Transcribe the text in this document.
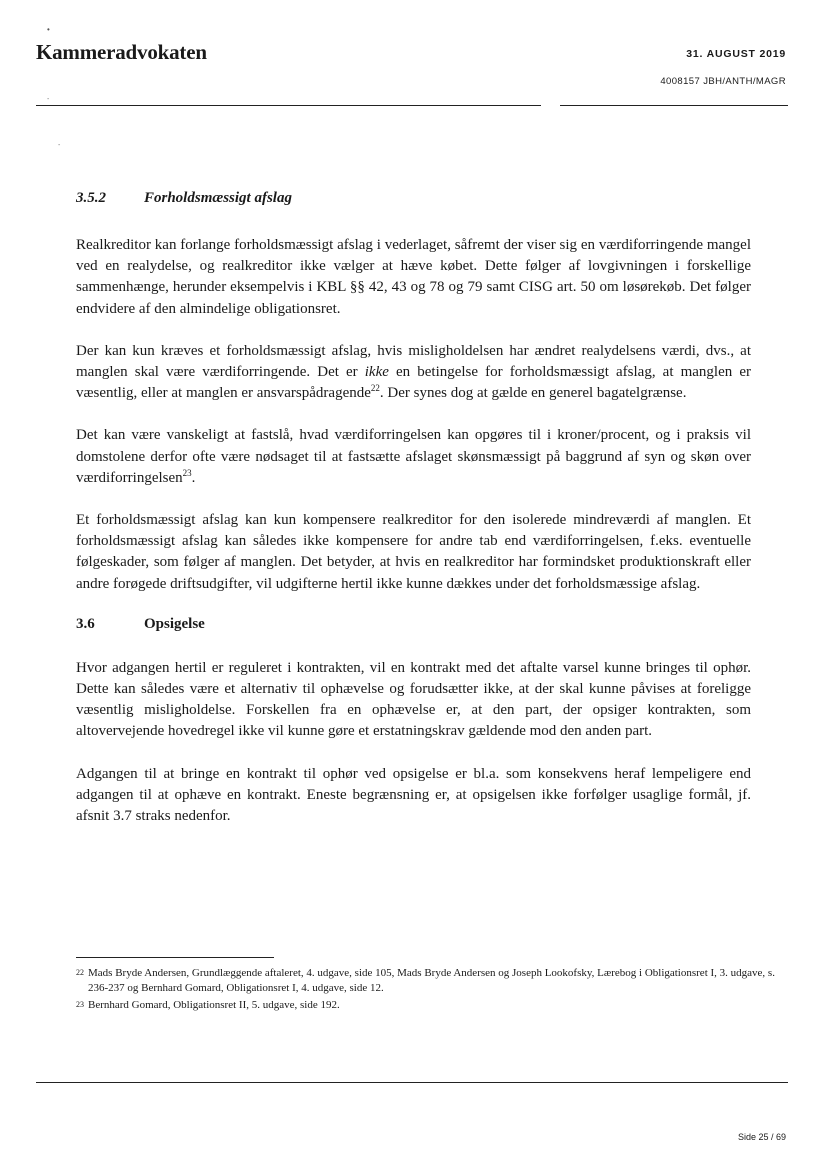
•
Kammeradvokaten	31. AUGUST 2019
4008157 JBH/ANTH/MAGR
-
-
3.5.2	Forholdsmæssigt afslag

Realkreditor kan forlange forholdsmæssigt afslag i vederlaget, såfremt der viser sig en værdiforringende mangel ved en realydelse, og realkreditor ikke vælger at hæve købet. Dette følger af lovgivningen i forskellige sammenhænge, herunder eksempelvis i KBL §§ 42, 43 og 78 og 79 samt CISG art. 50 om løsørekøb. Det følger endvidere af den almindelige obligationsret.

Der kan kun kræves et forholdsmæssigt afslag, hvis misligholdelsen har ændret realydelsens værdi, dvs., at manglen skal være værdiforringende. Det er ikke en betingelse for forholdsmæssigt afslag, at manglen er væsentlig, eller at manglen er ansvarspådragende$^{22}$. Der synes dog at gælde en generel bagatelgrænse.

Det kan være vanskeligt at fastslå, hvad værdiforringelsen kan opgøres til i kroner/procent, og i praksis vil domstolene derfor ofte være nødsaget til at fastsætte afslaget skønsmæssigt på baggrund af syn og skøn over værdiforringelsen$^{23}$.

Et forholdsmæssigt afslag kan kun kompensere realkreditor for den isolerede mindreværdi af manglen. Et forholdsmæssigt afslag kan således ikke kompensere for andre tab end værdiforringelsen, f.eks. eventuelle følgeskader, som følger af manglen. Det betyder, at hvis en realkreditor har formindsket produktionskraft eller andre forøgede driftsudgifter, vil udgifterne hertil ikke kunne dækkes under det forholdsmæssige afslag.

3.6	Opsigelse

Hvor adgangen hertil er reguleret i kontrakten, vil en kontrakt med det aftalte varsel kunne bringes til ophør. Dette kan således være et alternativ til ophævelse og forudsætter ikke, at der skal kunne påvises at foreligge væsentlig misligholdelse. Forskellen fra en ophævelse er, at den part, der opsiger kontrakten, som altovervejende hovedregel ikke vil kunne gøre et erstatningskrav gældende mod den anden part.

Adgangen til at bringe en kontrakt til ophør ved opsigelse er bl.a. som konsekvens heraf lempeligere end adgangen til at ophæve en kontrakt. Eneste begrænsning er, at opsigelsen ikke forfølger usaglige formål, jf. afsnit 3.7 straks nedenfor.

22 Mads Bryde Andersen, Grundlæggende aftaleret, 4. udgave, side 105, Mads Bryde Andersen og Joseph Lookofsky, Lærebog i Obligationsret I, 3. udgave, s. 236-237 og Bernhard Gomard, Obligationsret I, 4. udgave, side 12.
23 Bernhard Gomard, Obligationsret II, 5. udgave, side 192.
Side 25 / 69
